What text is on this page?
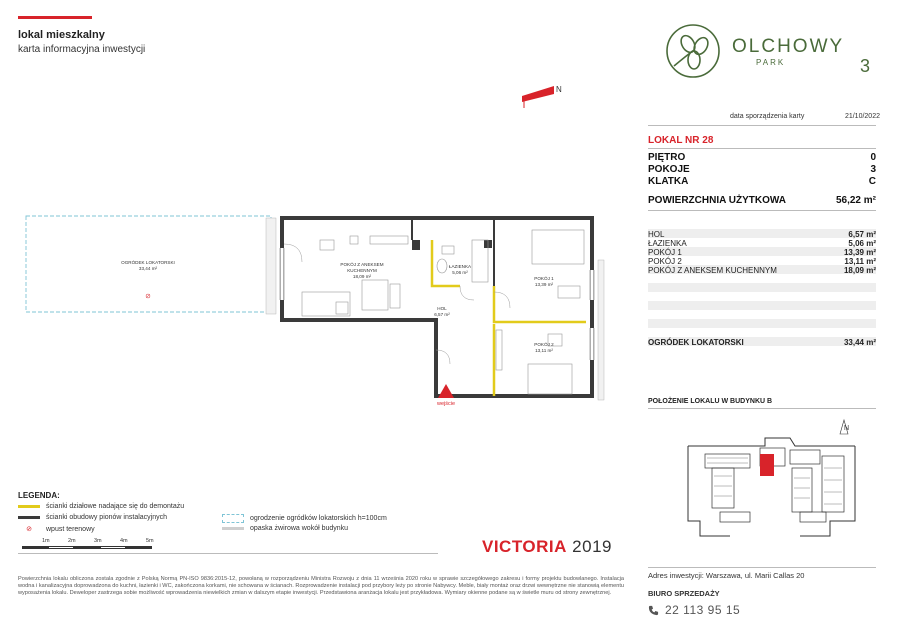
lokal mieszkalny
karta informacyjna inwestycji	OLCHOWY
PARK	3
data sporządzenia karty	21/10/2022
LOKAL NR 28
PIĘTRO	0
POKOJE	3
KLATKA	C
POWIERZCHNIA UŻYTKOWA	56,22 m²
HOL	6,57 m²
ŁAZIENKA	5,06 m²
POKÓJ 1	13,39 m²
POKÓJ 2	13,11 m²
POKÓJ Z ANEKSEM KUCHENNYM	18,09 m²
OGRÓDEK LOKATORSKI	33,44 m²
POŁOŻENIE LOKALU W BUDYNKU B
N
Adres inwestycji: Warszawa, ul. Marii Callas 20
BIURO SPRZEDAŻY
22 113 95 15
VICTORIA 2019
N
OGRÓDEK LOKATORSKI
33,44 m²
POKÓJ Z ANEKSEM
KUCHENNYM
18,09 m²
ŁAZIENKA
5,06 m²
POKÓJ 1
13,39 m²
HOL
6,57 m²
POKÓJ 2
13,11 m²
wejście
LEGENDA:
ścianki działowe nadające się do demontażu
ścianki obudowy pionów instalacyjnych
⊘	wpust terenowy
ogrodzenie ogródków lokatorskich h=100cm
opaska żwirowa wokół budynku
1m	2m	3m	4m	5m
Powierzchnia lokalu obliczona zostala zgodnie z Polską Normą PN-ISO 9836:2015-12, powołaną w rozporządzeniu Ministra Rozwoju z dnia 11 września 2020 roku w sprawie szczegółowego zakresu i formy projektu budowlanego. Instalacja wodna i kanalizacyjna doprowadzona do kuchni, łazienki i WC, zakończona korkami, nie schowana w ścianach. Rozprowadzenie instalacji pod przybory leży po stronie Nabywcy. Meble, biały montaż oraz drzwi wewnętrzne nie stanowią elementu wyposażenia lokalu. Deweloper zastrzega sobie możliwość wprowadzenia niewielkich zmian w dalszym etapie inwestycji. Przedstawiona aranżacja lokalu jest przykładowa. Wymiary okienne podane są w świetle muru od strony zewnętrznej.
